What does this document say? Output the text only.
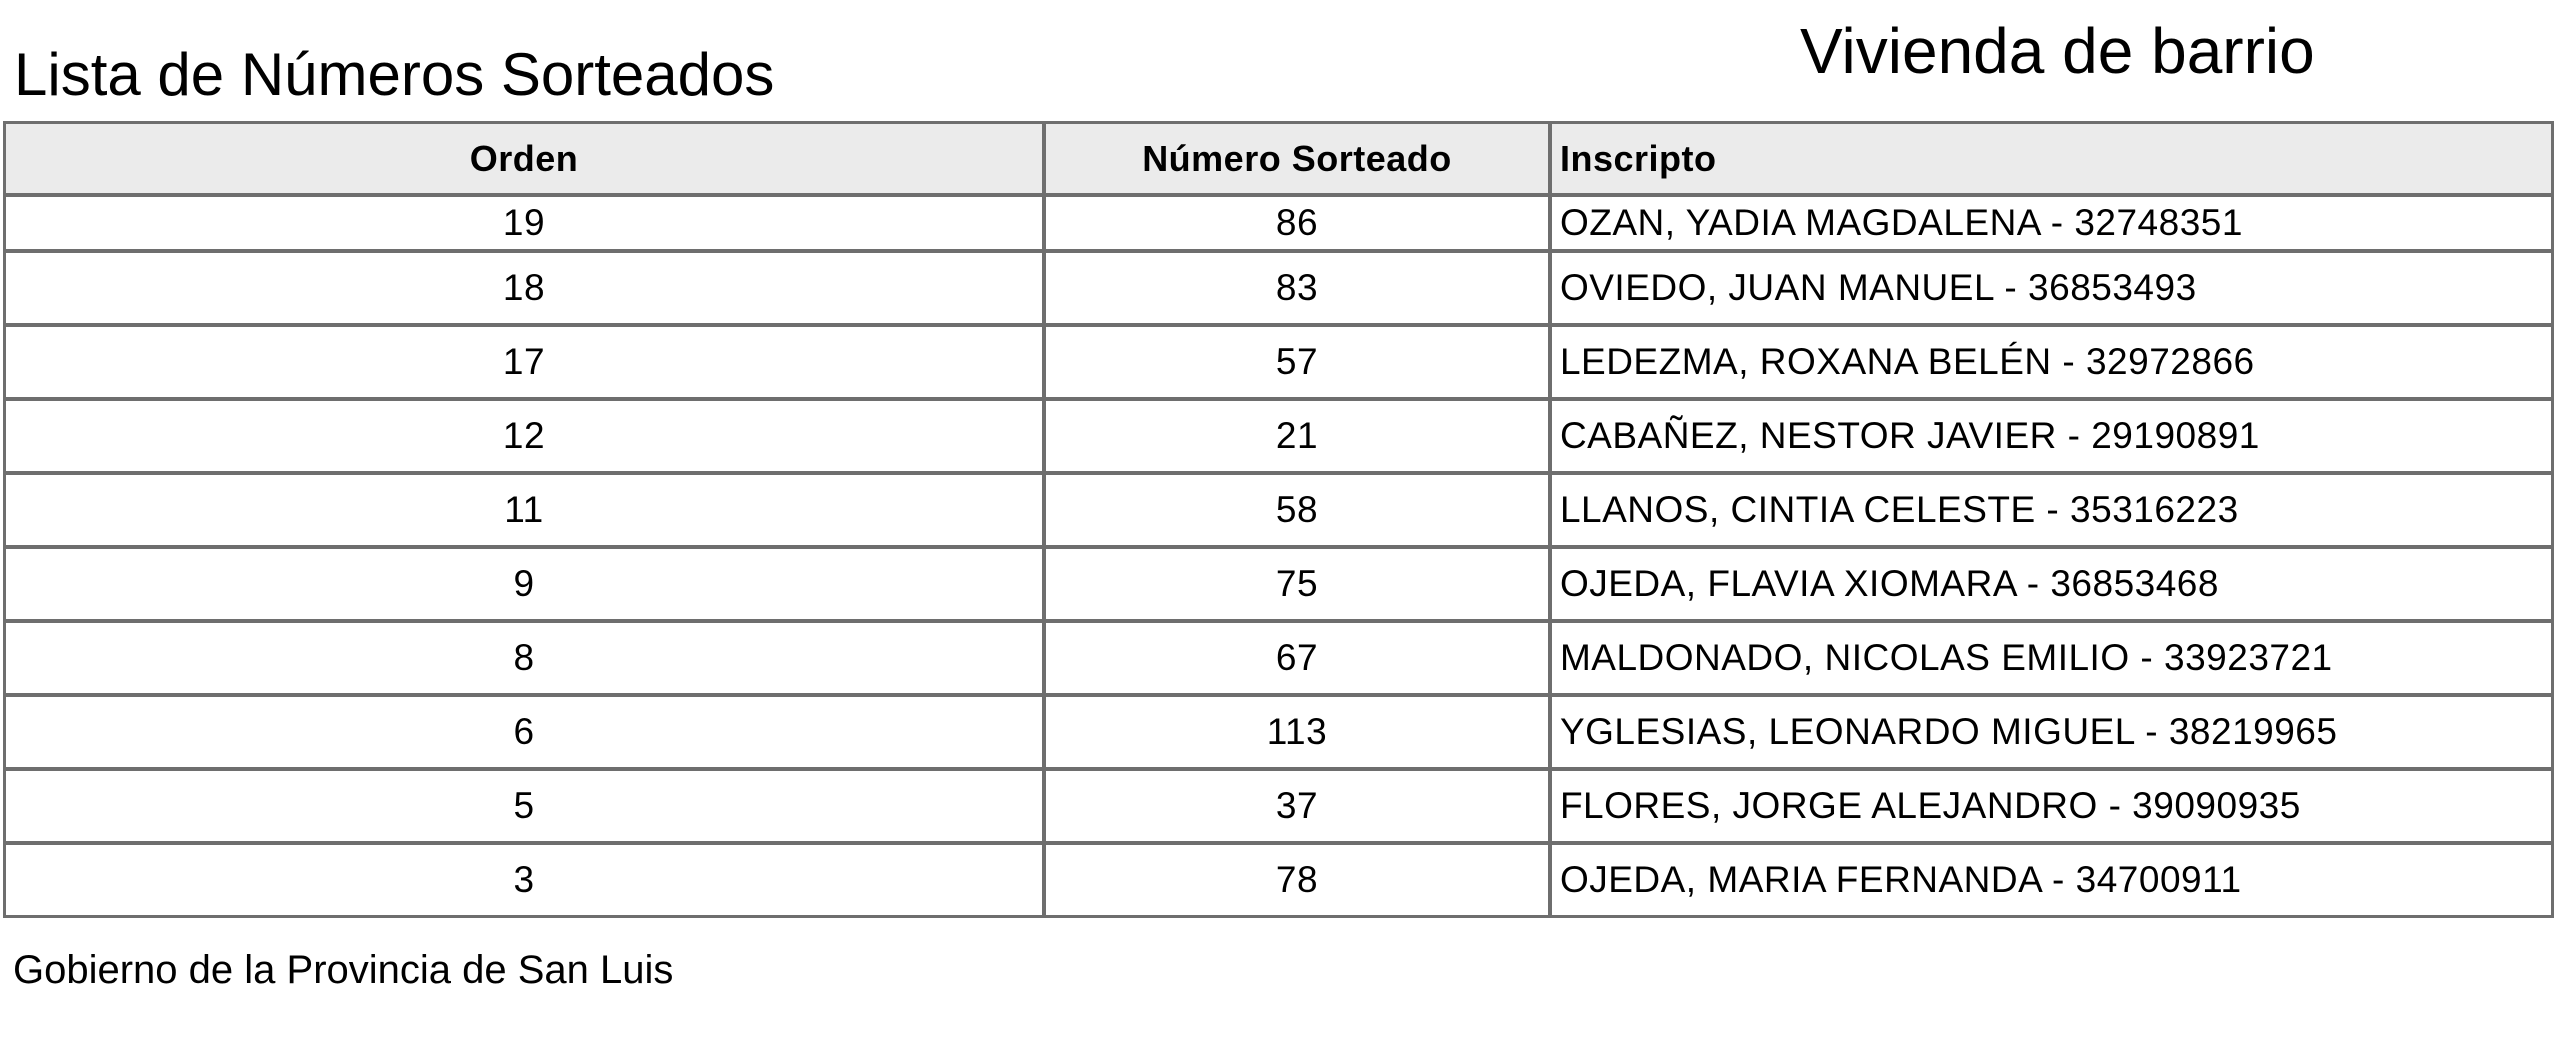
Lista de Números Sorteados	Vivienda de barrio
Orden	Número Sorteado	Inscripto
19	86	OZAN, YADIA MAGDALENA - 32748351
18	83	OVIEDO, JUAN MANUEL - 36853493
17	57	LEDEZMA, ROXANA BELÉN - 32972866
12	21	CABAÑEZ, NESTOR JAVIER - 29190891
11	58	LLANOS, CINTIA CELESTE - 35316223
9	75	OJEDA, FLAVIA XIOMARA - 36853468
8	67	MALDONADO, NICOLAS EMILIO - 33923721
6	113	YGLESIAS, LEONARDO MIGUEL - 38219965
5	37	FLORES, JORGE ALEJANDRO - 39090935
3	78	OJEDA, MARIA FERNANDA - 34700911
Gobierno de la Provincia de San Luis
